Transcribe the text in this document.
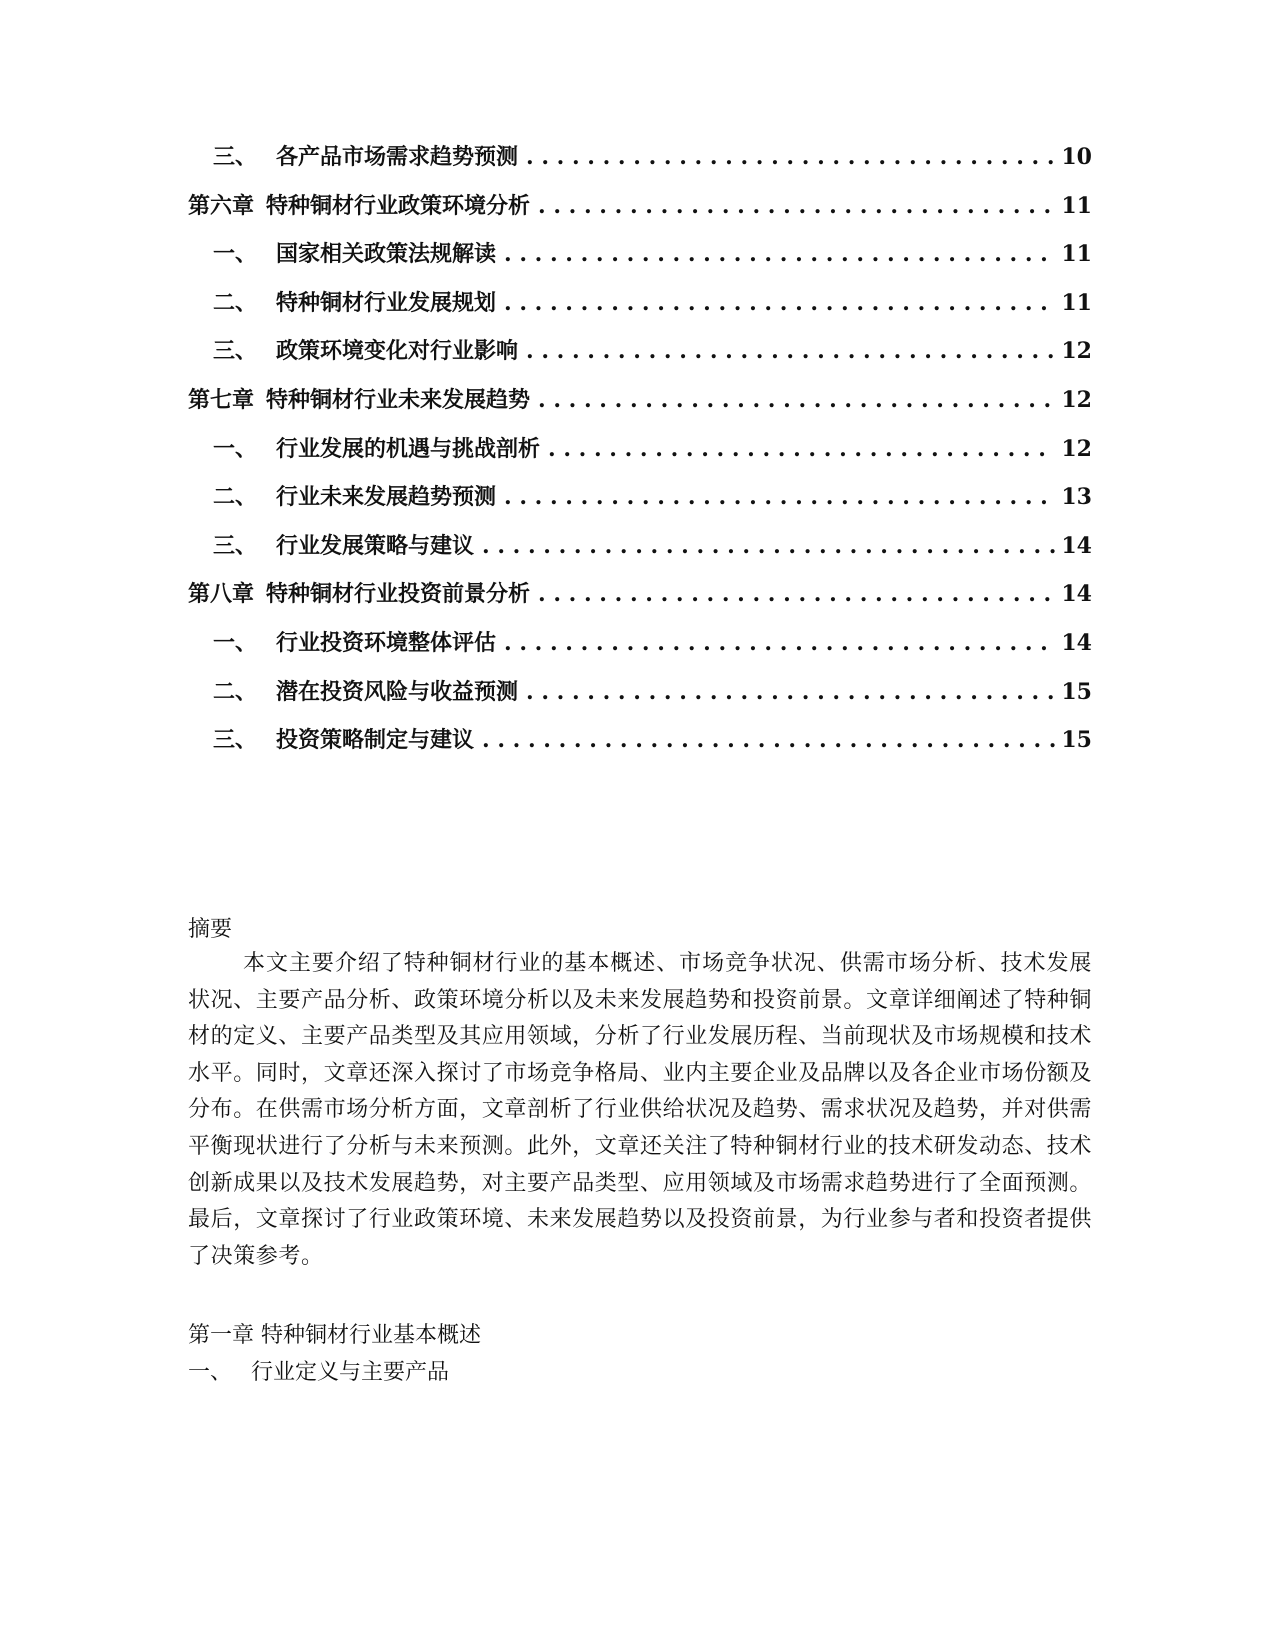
三、 各产品市场需求趋势预测 . . .	10
第六章 特种铜材行业政策环境分析 . . .	11
一、 国家相关政策法规解读 . . .	11
二、 特种铜材行业发展规划 . . .	11
三、 政策环境变化对行业影响 . . .	12
第七章 特种铜材行业未来发展趋势 . . .	12
一、 行业发展的机遇与挑战剖析 . . .	12
二、 行业未来发展趋势预测 . . .	13
三、 行业发展策略与建议 . . .	14
第八章 特种铜材行业投资前景分析 . . .	14
一、 行业投资环境整体评估 . . .	14
二、 潜在投资风险与收益预测 . . .	15
三、 投资策略制定与建议 . . .	15

摘要

本文主要介绍了特种铜材行业的基本概述、市场竞争状况、供需市场分析、技术发展状况、主要产品分析、政策环境分析以及未来发展趋势和投资前景。文章详细阐述了特种铜材的定义、主要产品类型及其应用领域，分析了行业发展历程、当前现状及市场规模和技术水平。同时，文章还深入探讨了市场竞争格局、业内主要企业及品牌以及各企业市场份额及分布。在供需市场分析方面，文章剖析了行业供给状况及趋势、需求状况及趋势，并对供需平衡现状进行了分析与未来预测。此外，文章还关注了特种铜材行业的技术研发动态、技术创新成果以及技术发展趋势，对主要产品类型、应用领域及市场需求趋势进行了全面预测。最后，文章探讨了行业政策环境、未来发展趋势以及投资前景，为行业参与者和投资者提供了决策参考。

第一章 特种铜材行业基本概述

一、 行业定义与主要产品
